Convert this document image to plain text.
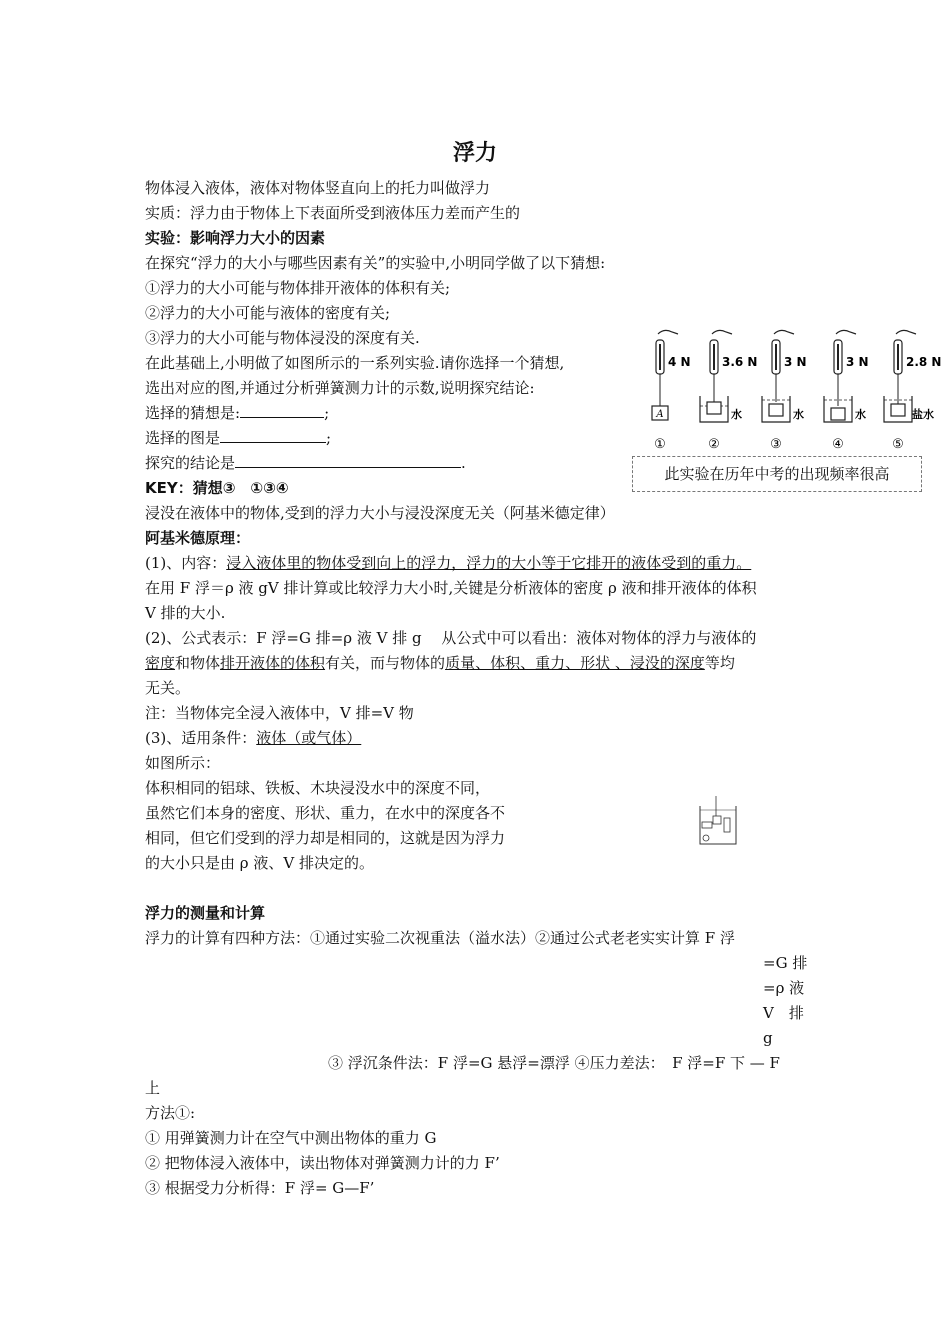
浮力
物体浸入液体，液体对物体竖直向上的托力叫做浮力
实质：浮力由于物体上下表面所受到液体压力差而产生的
实验：影响浮力大小的因素
在探究“浮力的大小与哪些因素有关”的实验中,小明同学做了以下猜想:
①浮力的大小可能与物体排开液体的体积有关;
②浮力的大小可能与液体的密度有关;
③浮力的大小可能与物体浸没的深度有关.
在此基础上,小明做了如图所示的一系列实验.请你选择一个猜想,
选出对应的图,并通过分析弹簧测力计的示数,说明探究结论:
选择的猜想是:	;
选择的图是	;
探究的结论是	.
KEY：猜想③　①③④
浸没在液体中的物体,受到的浮力大小与浸没深度无关（阿基米德定律）
A
4 N
①
3.6 N
水
②
3 N
水
③
3 N
水
④
2.8 N
盐水
⑤
此实验在历年中考的出现频率很高
阿基米德原理：
(1)、内容：浸入液体里的物体受到向上的浮力，浮力的大小等于它排开的液体受到的重力。
在用 F 浮＝ρ 液 gV 排计算或比较浮力大小时,关键是分析液体的密度 ρ 液和排开液体的体积
V 排的大小.
(2)、公式表示：F 浮=G 排=ρ 液 V 排 g　 从公式中可以看出：液体对物体的浮力与液体的
密度和物体排开液体的体积有关，而与物体的质量、体积、重力、形状 、浸没的深度等均
无关。
注：当物体完全浸入液体中，V 排=V 物
(3)、适用条件：液体（或气体）
如图所示：
体积相同的铝球、铁板、木块浸没水中的深度不同，
虽然它们本身的密度、形状、重力，在水中的深度各不
相同，但它们受到的浮力却是相同的，这就是因为浮力
的大小只是由 ρ 液、V 排决定的。
浮力的测量和计算
浮力的计算有四种方法：①通过实验二次视重法（溢水法）②通过公式老老实实计算 F 浮
=G 排
=ρ 液
V　排
g
③ 浮沉条件法：F 浮=G 悬浮=漂浮 ④压力差法：　F 浮=F 下 — F
上
方法①:
① 用弹簧测力计在空气中测出物体的重力 G
② 把物体浸入液体中，读出物体对弹簧测力计的力 F’
③ 根据受力分析得：F 浮= G—F’
